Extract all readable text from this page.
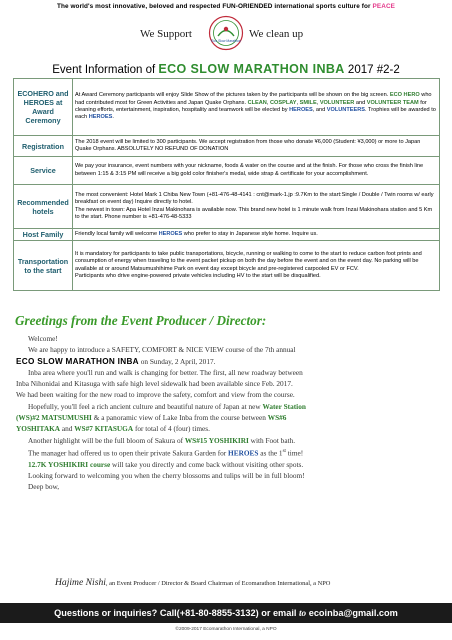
The world's most innovative, beloved and respected FUN-ORIENDED international sports culture for PEACE
We Support
Eco Slow Marathon
We clean up
Event Information of ECO SLOW MARATHON INBA 2017 #2-2
ECOHERO and HEROES at Award Ceremony	At Award Ceremony participants will enjoy Slide Show of the pictures taken by the participants will be shown on the big screen. ECO HERO who had contributed most for Green Activities and Japan Quake Orphans. CLEAN, COSPLAY, SMILE, VOLUNTEER and VOLUNTEER TEAM for cleaning efforts, entertainment, inspiration, hospitality and teamwork will be elected by HEROES, and VOLUNTEERS. Trophies will be awarded to each HEROES.
Registration	The 2018 event will be limited to 300 participants. We accept registration from those who donate ¥6,000 (Student: ¥3,000) or more to Japan Quake Orphans. ABSOLUTELY NO REFUND OF DONATION
Service	We pay your insurance, event numbers with your nickname, foods & water on the course and at the finish. For those who cross the finish line between 1:15 & 3:15 PM will receive a big gold color finisher's medal, wide strap & certificate for your accomplishment.
Recommended hotels	The most convenient: Hotel Mark 1 Chiba New Town (+81-476-48-4141 : cnt@mark-1.jp :9.7Km to the start:Single / Double / Twin rooms w/ early breakfast on event day) Inquire directly to hotel.
The newest in town: Apa Hotel Inzai Makinohara is available now. This brand new hotel is 1 minute walk from Inzai Makinohara station and 5 Km to the start. Phone number is +81-476-48-5333

Host Family	Friendly local family will welcome HEROES who prefer to stay in Japanese style home. Inquire us.
Transportation to the start	It is mandatory for participants to take public transportations, bicycle, running or walking to come to the start to reduce carbon foot prints and consumption of energy when traveling to the event packet pickup on both the day before the event and on the event day. No parking will be available at or around Matsumushihime Park on event day except bicycle and pre-registered carpooled EV or FCV.
Participants who drive engine-powered private vehicles including HV to the start will be disqualified.
Greetings from the Event Producer / Director:

Welcome!

We are happy to introduce a SAFETY, COMFORT & NICE VIEW course of the 7th annual

ECO SLOW MARATHON INBA on Sunday, 2 April, 2017.

Inba area where you'll run and walk is changing for better. The first, all new roadway between

Inba Nihonidai and Kitasuga with safe high level sidewalk had been available since Feb. 2017.

We had been waiting for the new road to improve the safety, comfort and view from the course.

Hopefully, you'll feel a rich ancient culture and beautiful nature of Japan at new Water Station

(WS)#2 MATSUMUSHI & a panoramic view of Lake Inba from the course between WS#6

YOSHITAKA and WS#7 KITASUGA for total of 4 (four) times.

Another highlight will be the full bloom of Sakura of WS#15 YOSHIKIRI with Foot bath.

The manager had offered us to open their private Sakura Garden for HEROES as the 1st time!

12.7K YOSHIKIRI course will take you directly and come back without visiting other spots.

Looking forward to welcoming you when the cherry blossoms and tulips will be in full bloom!

Deep bow,

Hajime Nishi, an Event Producer / Director & Board Chairman of Ecomarathon International, a NPO
Questions or inquiries? Call(+81-80-8855-3132) or email to ecoinba@gmail.com
©2009-2017 Ecomarathon International, a NPO
